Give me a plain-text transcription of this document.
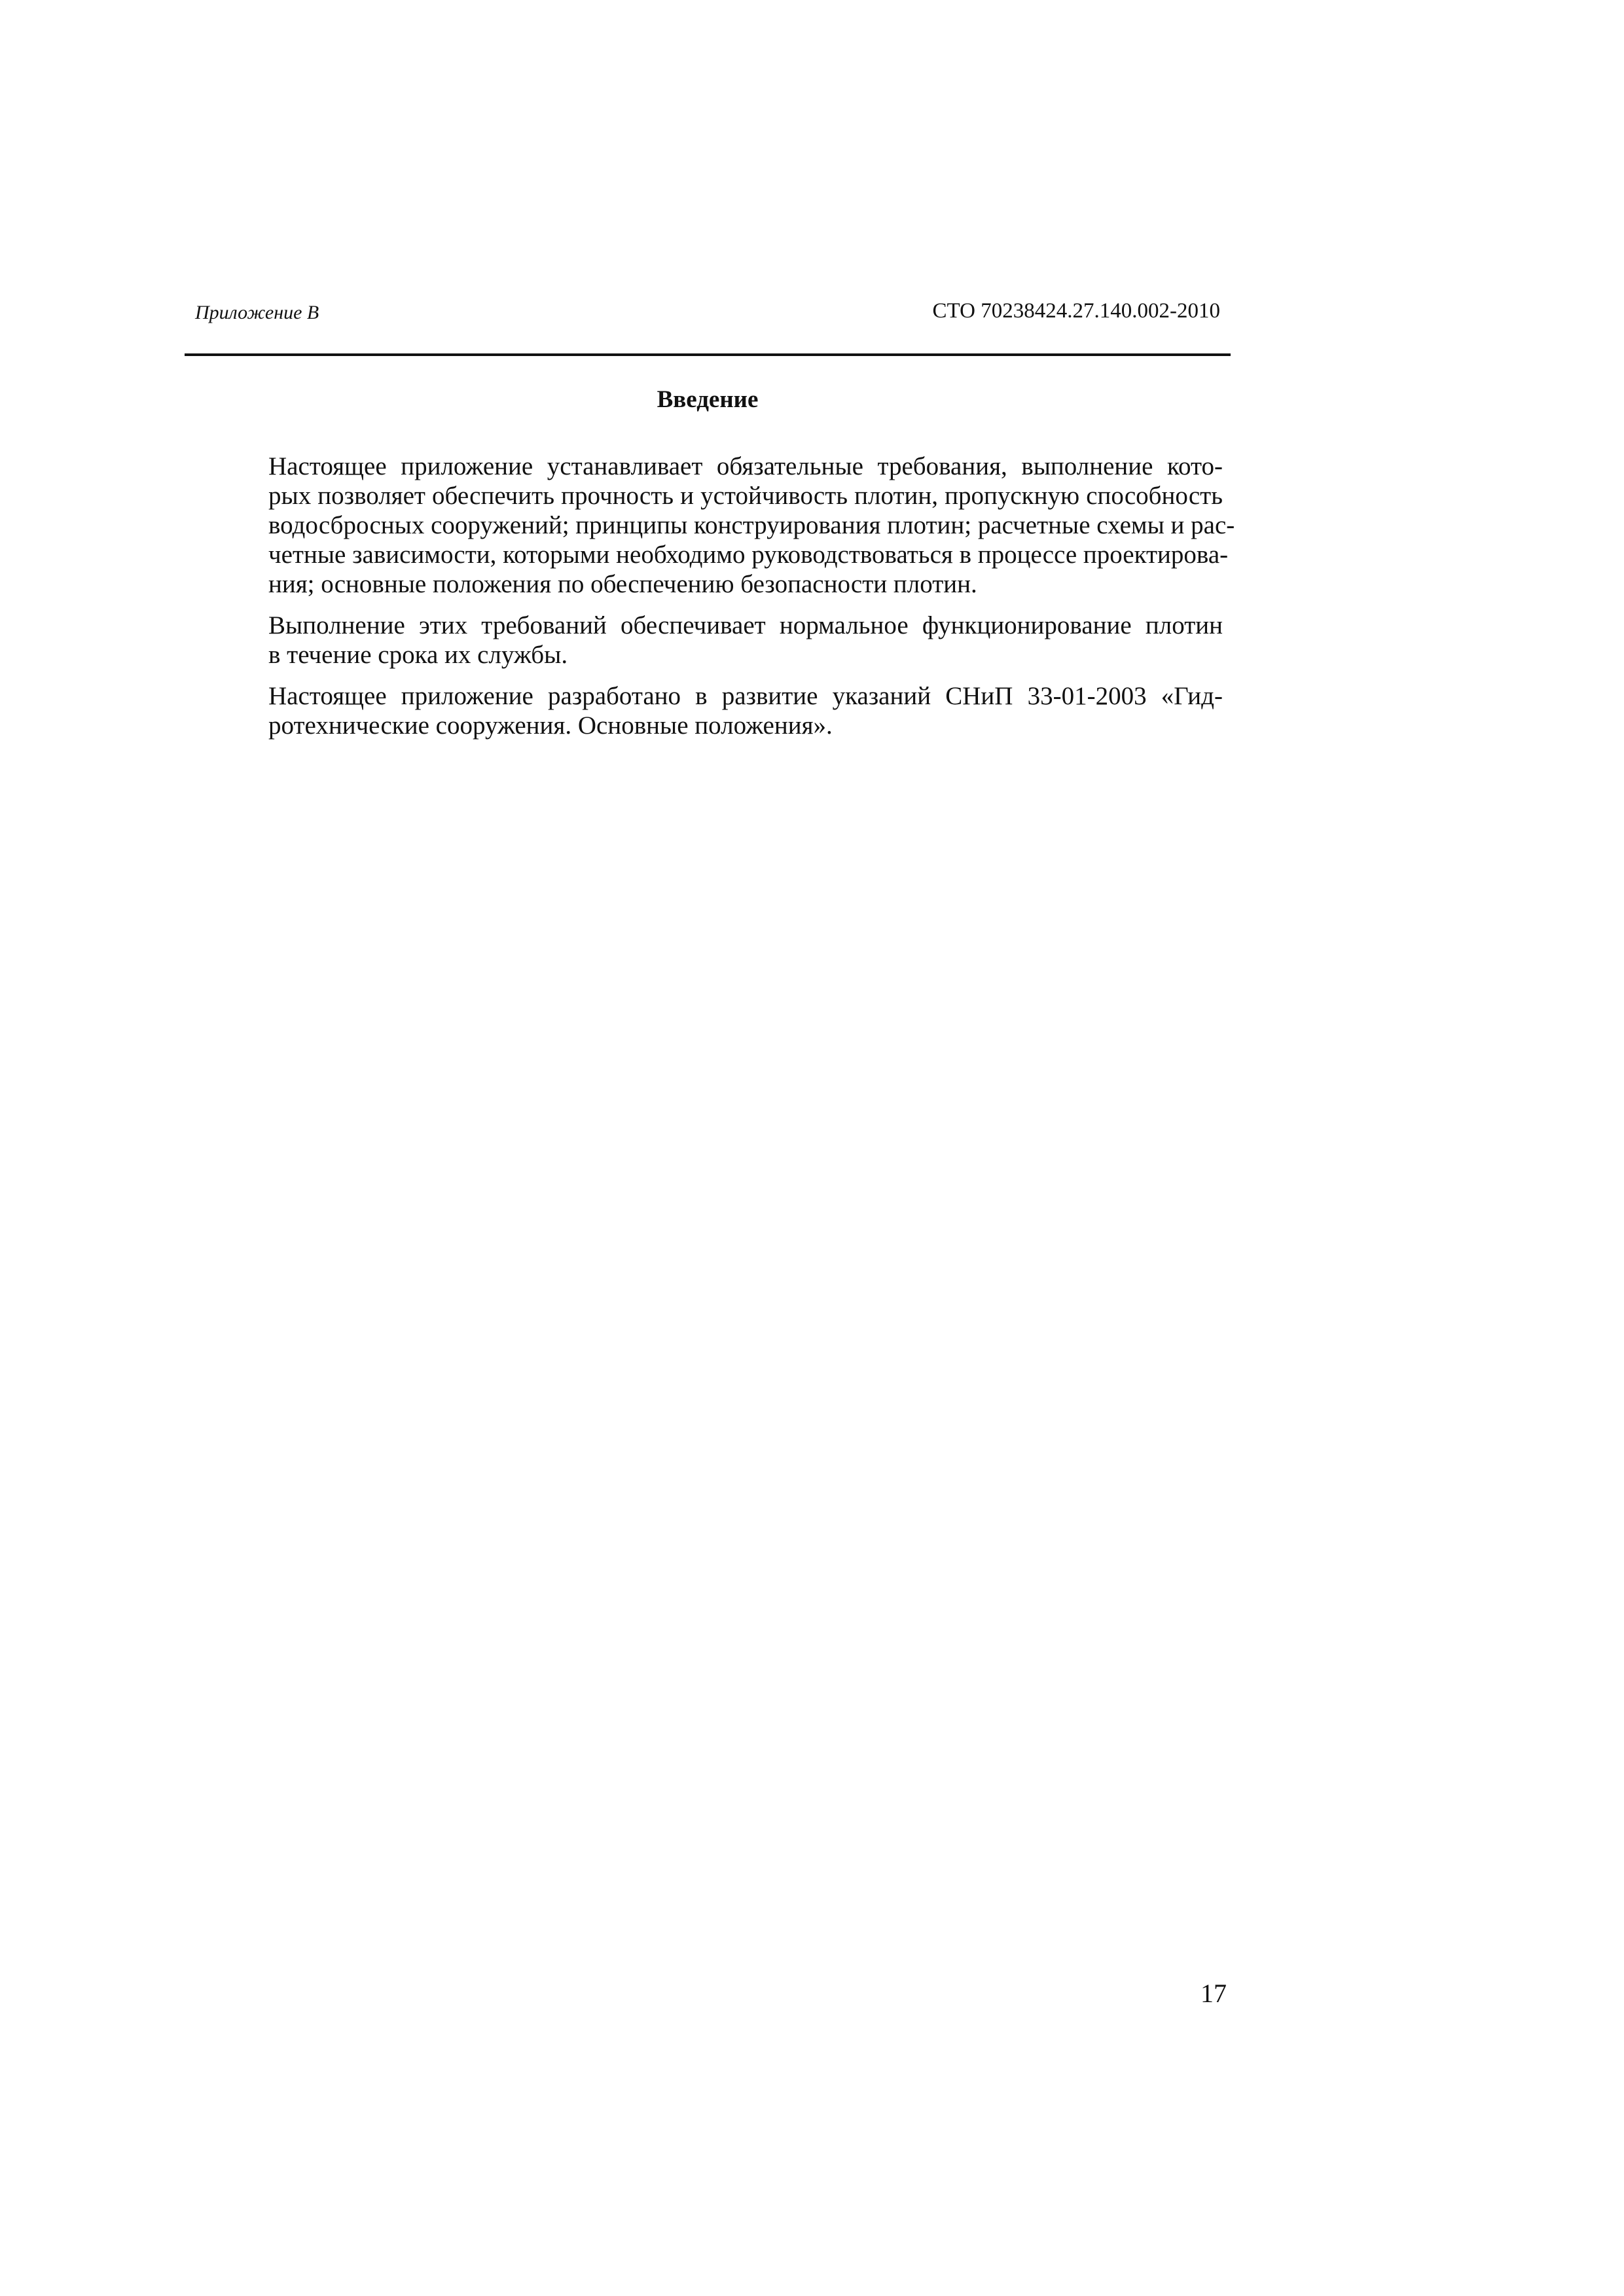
Приложение В	СТО 70238424.27.140.002-2010
Введение

Настоящее приложение устанавливает обязательные требования, выполнение кото-
рых позволяет обеспечить прочность и устойчивость плотин, пропускную способность
водосбросных сооружений; принципы конструирования плотин; расчетные схемы и рас-
четные зависимости, которыми необходимо руководствоваться в процессе проектирова-
ния; основные положения по обеспечению безопасности плотин.

Выполнение этих требований обеспечивает нормальное функционирование плотин
в течение срока их службы.

Настоящее приложение разработано в развитие указаний СНиП 33-01-2003 «Гид-
ротехнические сооружения. Основные положения».

17
